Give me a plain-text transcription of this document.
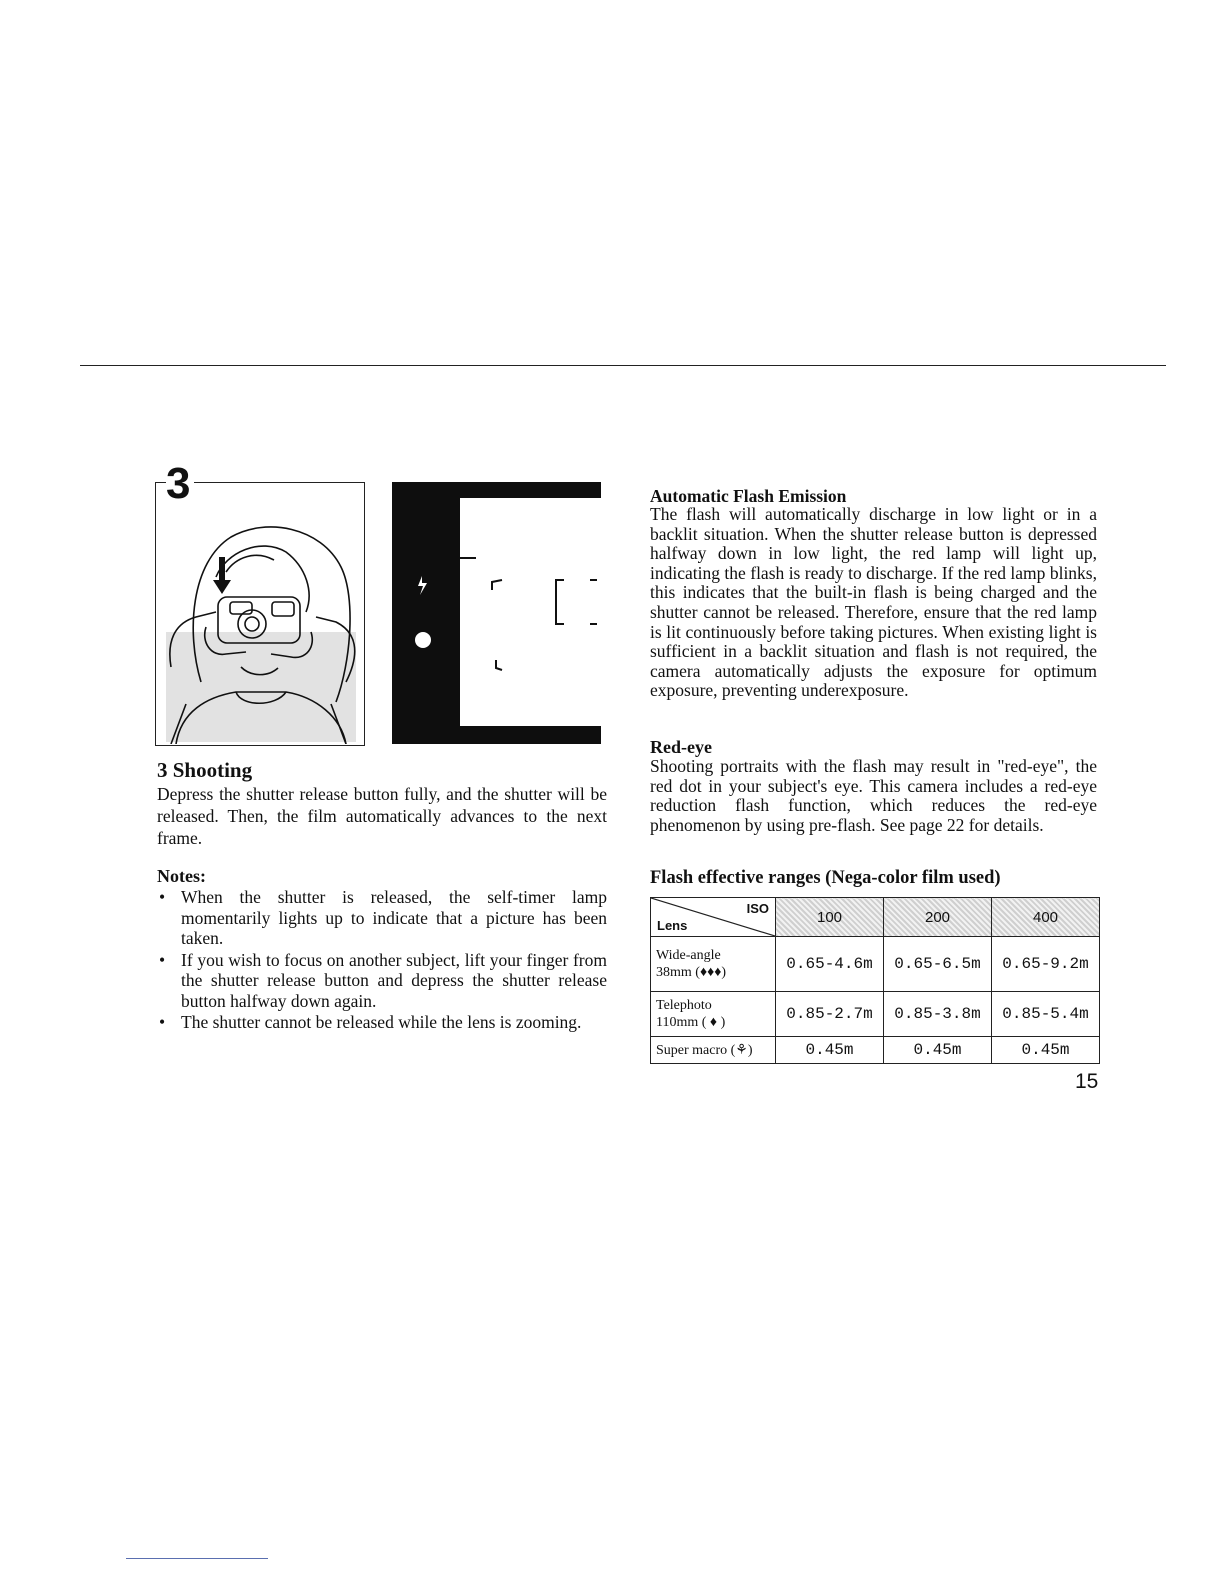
3
3 Shooting
Depress the shutter release button fully, and the shutter will be released. Then, the film automatically advances to the next frame.
Notes:
• When the shutter is released, the self-timer lamp momentarily lights up to indicate that a picture has been taken.
• If you wish to focus on another subject, lift your finger from the shutter release button and depress the shutter release button halfway down again.
• The shutter cannot be released while the lens is zooming.
Automatic Flash Emission
The flash will automatically discharge in low light or in a backlit situation. When the shutter release button is depressed halfway down in low light, the red lamp will light up, indicating the flash is ready to discharge. If the red lamp blinks, this indicates that the built-in flash is being charged and the shutter cannot be released. Therefore, ensure that the red lamp is lit continuously before taking pictures. When existing light is sufficient in a backlit situation and flash is not required, the camera automatically adjusts the exposure for optimum exposure, preventing underexposure.
Red-eye
Shooting portraits with the flash may result in "red-eye", the red dot in your subject's eye. This camera includes a red-eye reduction flash function, which reduces the red-eye phenomenon by using pre-flash. See page 22 for details.
Flash effective ranges (Nega-color film used)
ISO
Lens	100	200	400

Wide-angle
38mm (♦♦♦)	0.65-4.6m	0.65-6.5m	0.65-9.2m

Telephoto
110mm ( ♦ )	0.85-2.7m	0.85-3.8m	0.85-5.4m

Super macro (⚘)	0.45m	0.45m	0.45m
15
